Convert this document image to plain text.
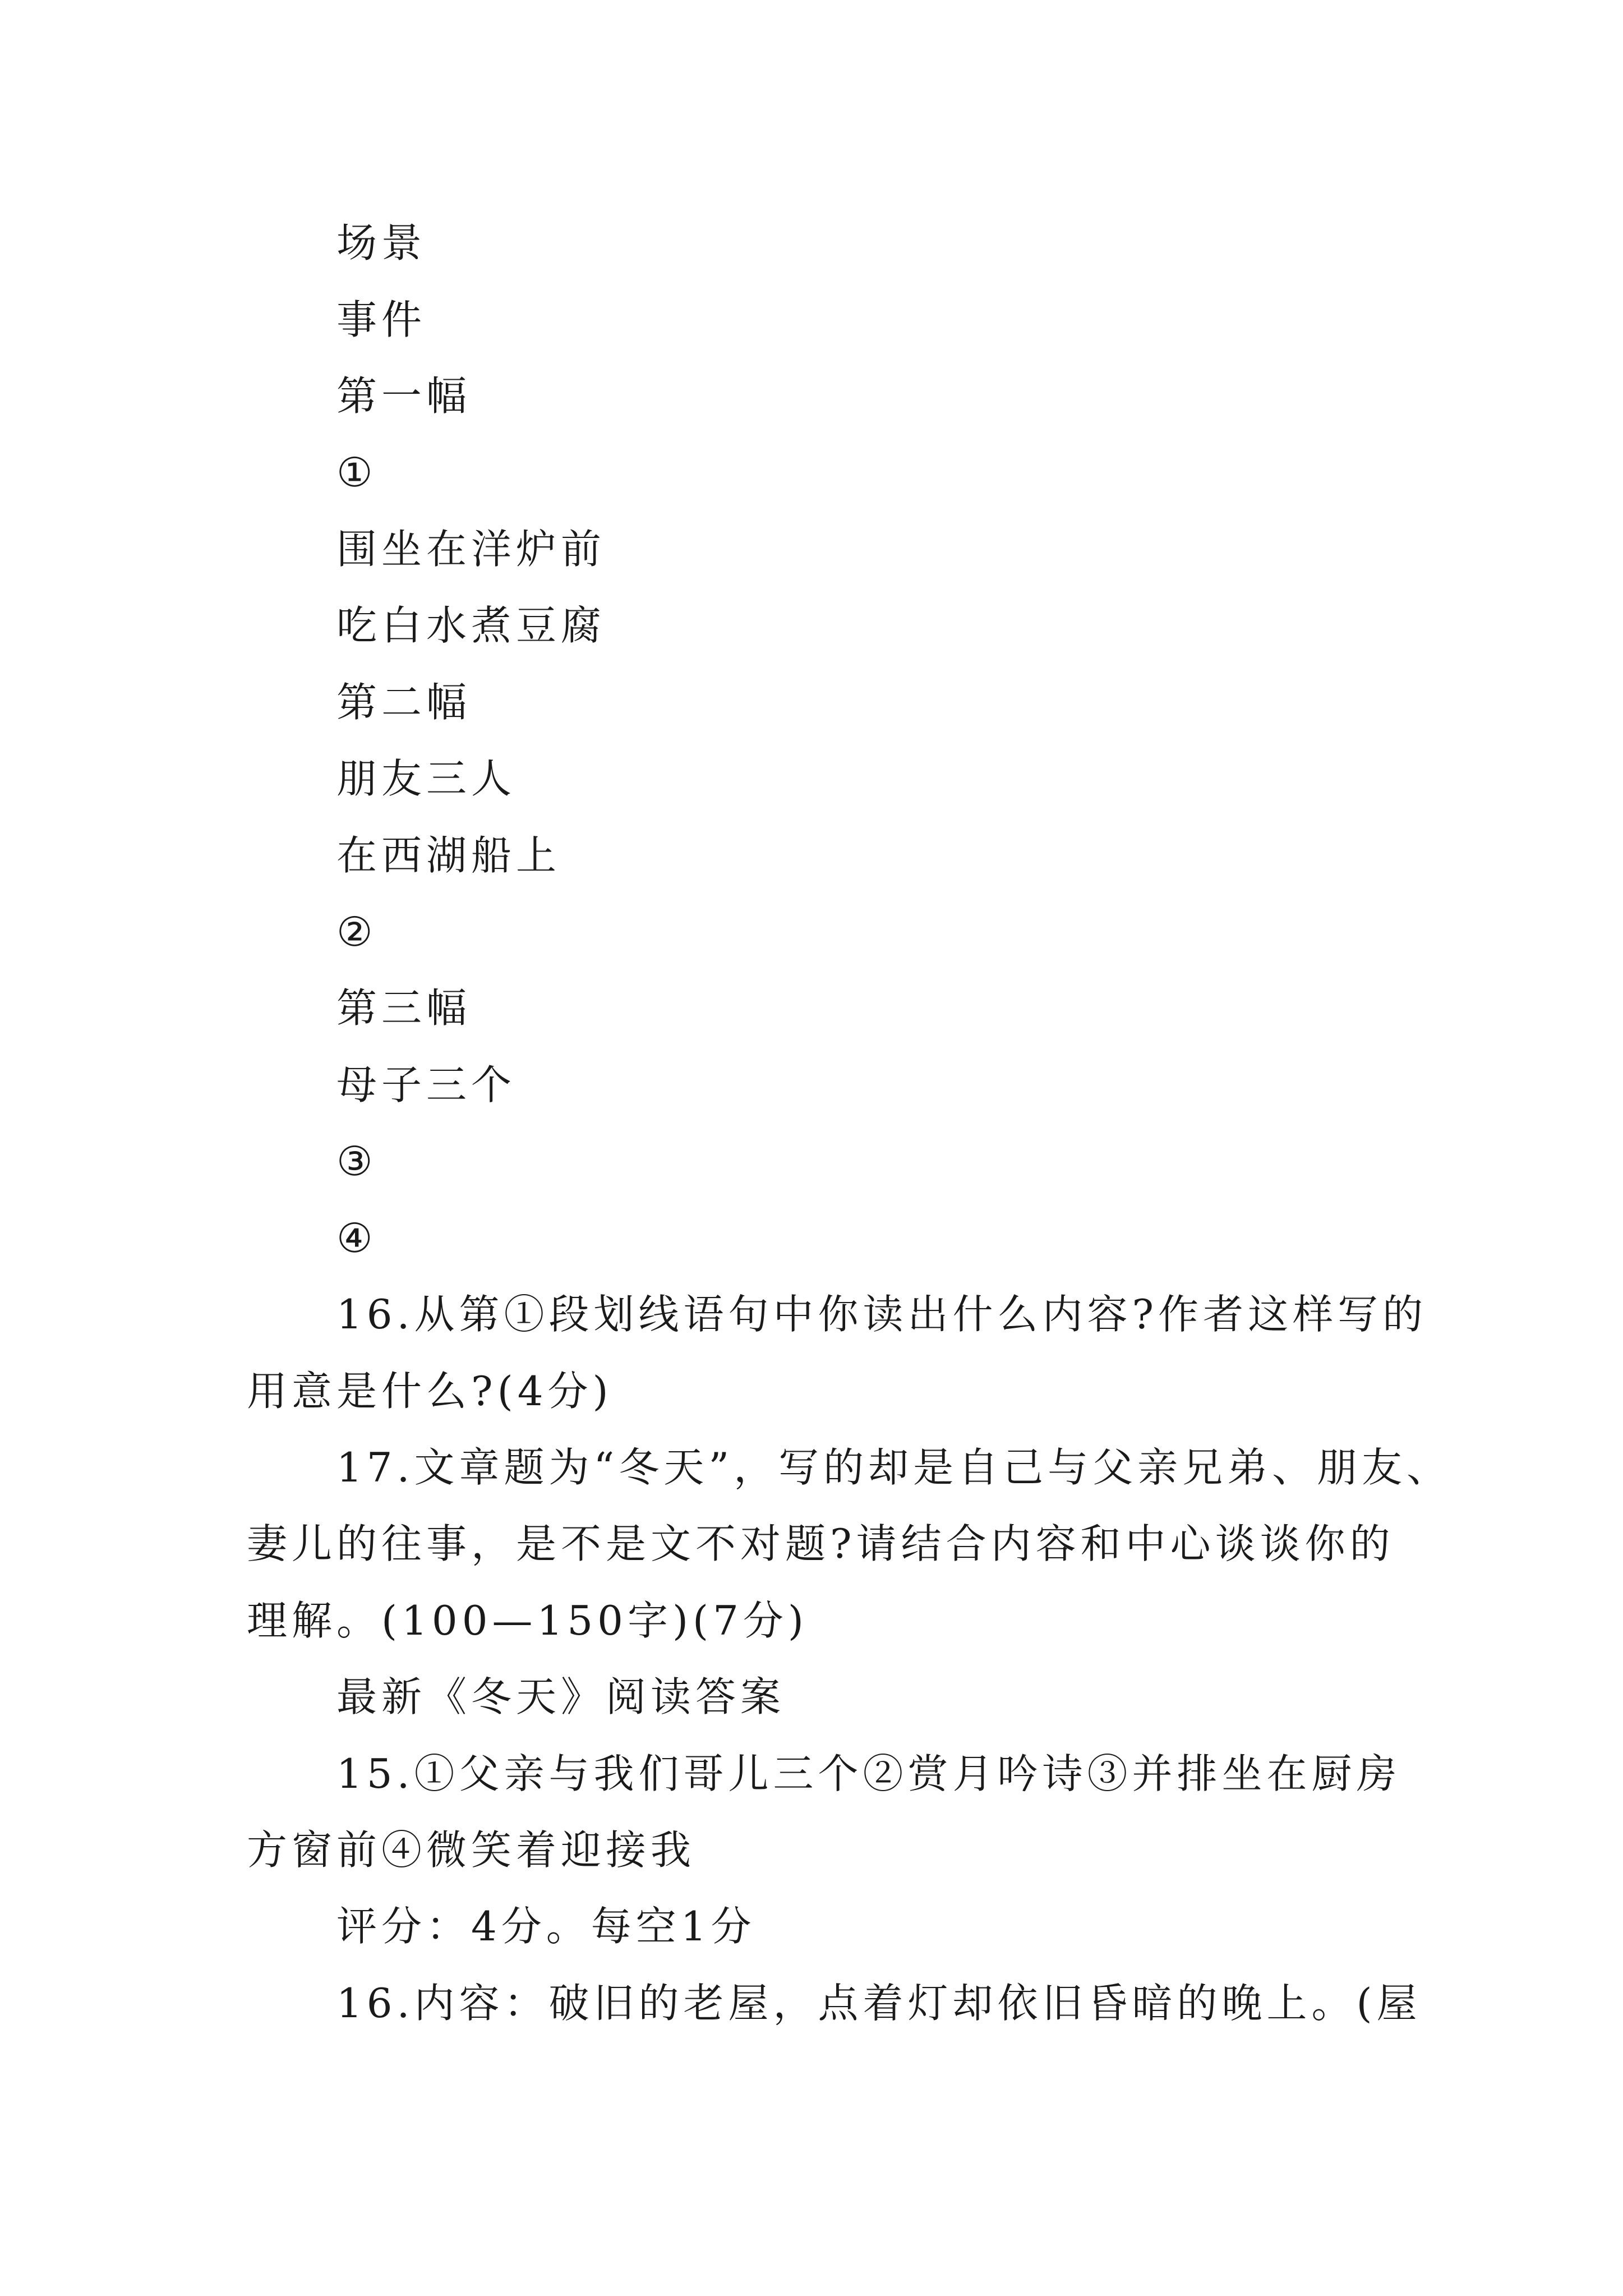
场景
事件
第一幅
①
围坐在洋炉前
吃白水煮豆腐
第二幅
朋友三人
在西湖船上
②
第三幅
母子三个
③
④
16.从第①段划线语句中你读出什么内容?作者这样写的
用意是什么?(4分)
17.文章题为“冬天”，写的却是自己与父亲兄弟、朋友、
妻儿的往事，是不是文不对题?请结合内容和中心谈谈你的
理解。(100—150字)(7分)
最新《冬天》阅读答案
15.①父亲与我们哥儿三个②赏月吟诗③并排坐在厨房
方窗前④微笑着迎接我
评分：4分。每空1分
16.内容：破旧的老屋，点着灯却依旧昏暗的晚上。(屋
